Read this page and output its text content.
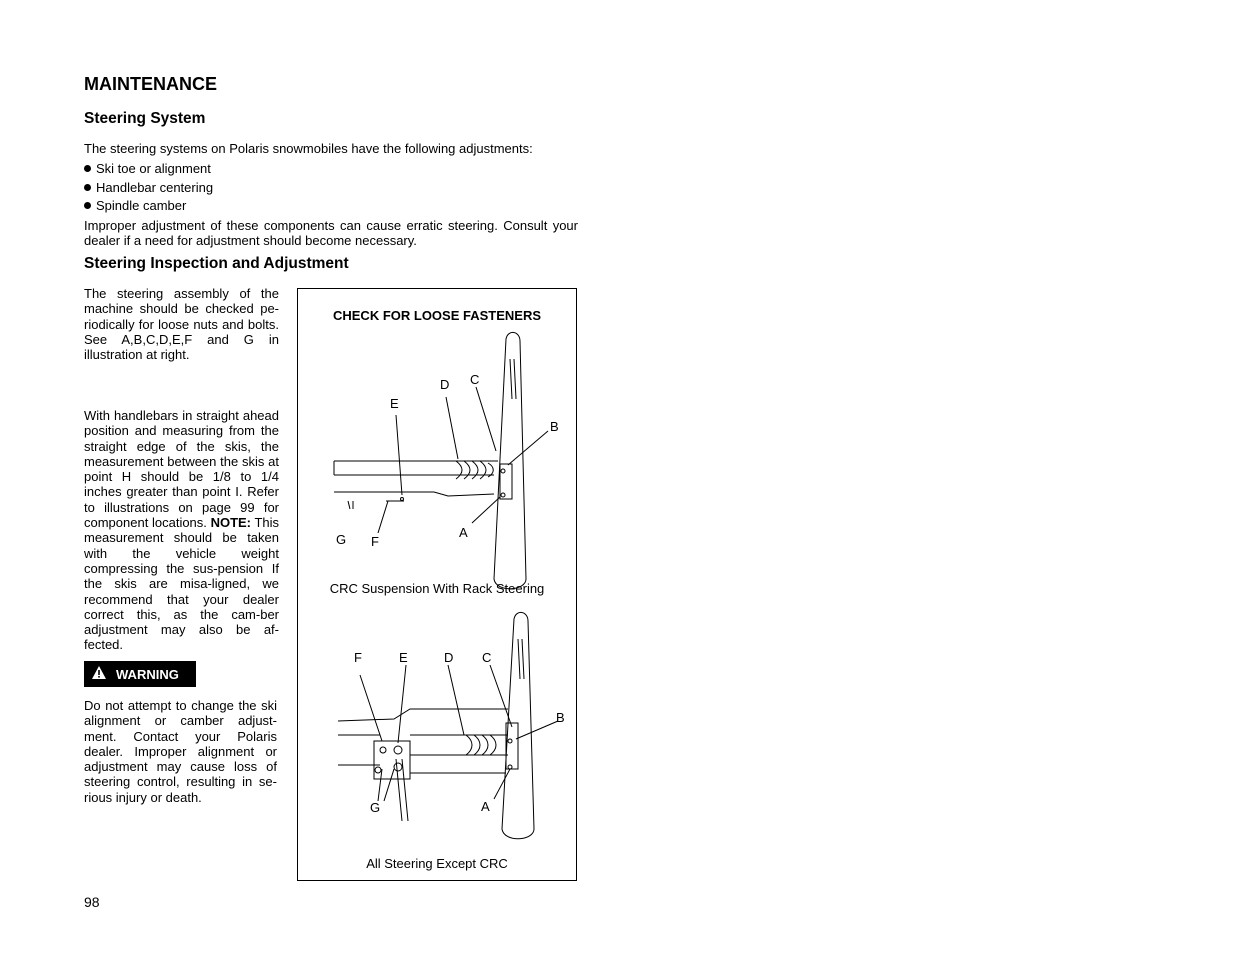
MAINTENANCE
Steering System

The steering systems on Polaris snowmobiles have the following adjustments:

Ski toe or alignment
Handlebar centering
Spindle camber

Improper adjustment of these components can cause erratic steering. Consult your dealer if a need for adjustment should become necessary.

Steering Inspection and Adjustment

The steering assembly of the machine should be checked pe-riodically for loose nuts and bolts. See A,B,C,D,E,F and G in illustration at right.

With handlebars in straight ahead position and measuring from the straight edge of the skis, the measurement between the skis at point H should be 1/8 to 1/4 inches greater than point I. Refer to illustrations on page 99 for component locations. NOTE: This measurement should be taken with the vehicle weight compressing the sus-pension If the skis are misa-ligned, we recommend that your dealer correct this, as the cam-ber adjustment may also be af-fected.

WARNING

Do not attempt to change the ski alignment or camber adjust-ment. Contact your Polaris dealer. Improper alignment or adjustment may cause loss of steering control, resulting in se-rious injury or death.

CHECK FOR LOOSE FASTENERS

D C
E
B
G F
A
F	E	D C
B
G	A

CRC Suspension With Rack Steering

All Steering Except CRC

98
